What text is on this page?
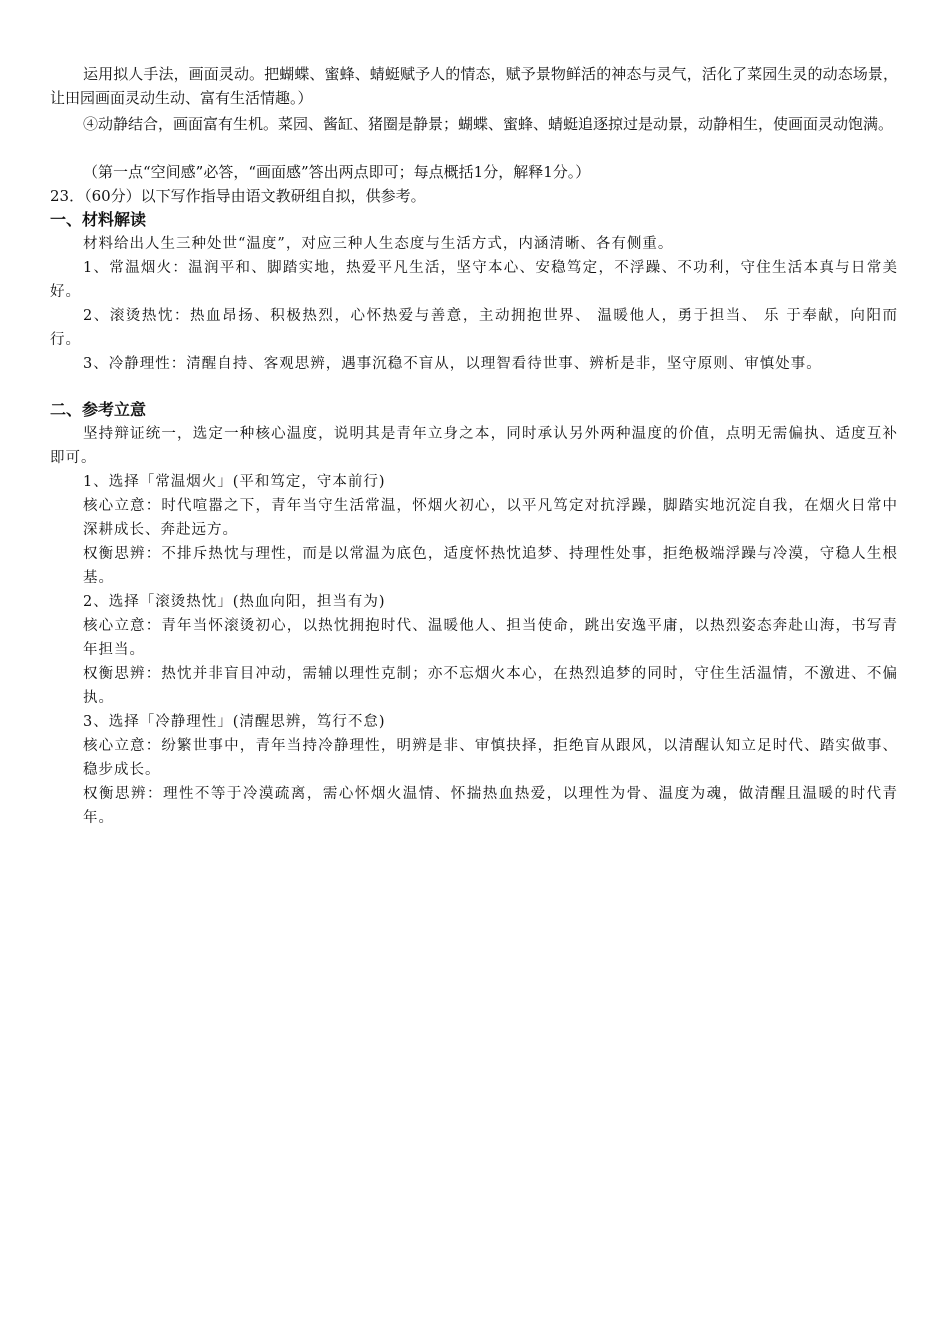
运用拟人手法，画面灵动。把蝴蝶、蜜蜂、蜻蜓赋予人的情态，赋予景物鲜活的神态与灵气，活化了菜园生灵的动态场景，让田园画面灵动生动、富有生活情趣。）
④动静结合，画面富有生机。菜园、酱缸、猪圈是静景；蝴蝶、蜜蜂、蜻蜓追逐掠过是动景，动静相生，使画面灵动饱满。
（第一点“空间感”必答，“画面感”答出两点即可；每点概括1分，解释1分。）
23．（60分）以下写作指导由语文教研组自拟，供参考。
一、材料解读
材料给出人生三种处世“温度”，对应三种人生态度与生活方式，内涵清晰、各有侧重。
1、常温烟火：温润平和、脚踏实地，热爱平凡生活，坚守本心、安稳笃定，不浮躁、不功利，守住生活本真与日常美好。
2、滚烫热忱：热血昂扬、积极热烈，心怀热爱与善意，主动拥抱世界、 温暖他人，勇于担当、 乐 于奉献，向阳而行。
3、冷静理性：清醒自持、客观思辨，遇事沉稳不盲从，以理智看待世事、辨析是非，坚守原则、审慎处事。
二、参考立意
坚持辩证统一，选定一种核心温度，说明其是青年立身之本，同时承认另外两种温度的价值，点明无需偏执、适度互补即可。
1、选择「常温烟火」(平和笃定，守本前行)
核心立意：时代喧嚣之下，青年当守生活常温，怀烟火初心，以平凡笃定对抗浮躁，脚踏实地沉淀自我，在烟火日常中深耕成长、奔赴远方。
权衡思辨：不排斥热忱与理性，而是以常温为底色，适度怀热忱追梦、持理性处事，拒绝极端浮躁与冷漠，守稳人生根基。
2、选择「滚烫热忱」(热血向阳，担当有为)
核心立意：青年当怀滚烫初心，以热忱拥抱时代、温暖他人、担当使命，跳出安逸平庸，以热烈姿态奔赴山海，书写青年担当。
权衡思辨：热忱并非盲目冲动，需辅以理性克制；亦不忘烟火本心，在热烈追梦的同时，守住生活温情，不激进、不偏执。
3、选择「冷静理性」(清醒思辨，笃行不怠)
核心立意：纷繁世事中，青年当持冷静理性，明辨是非、审慎抉择，拒绝盲从跟风，以清醒认知立足时代、踏实做事、稳步成长。
权衡思辨：理性不等于冷漠疏离，需心怀烟火温情、怀揣热血热爱，以理性为骨、温度为魂，做清醒且温暖的时代青年。
